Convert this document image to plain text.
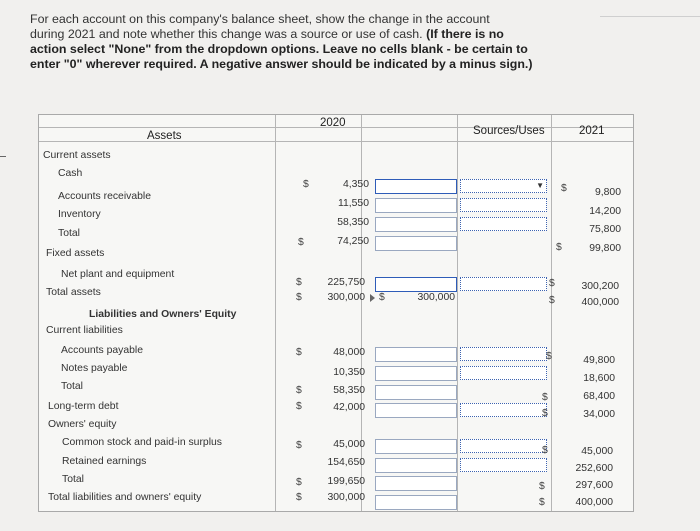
For each account on this company's balance sheet, show the change in the account
during 2021 and note whether this change was a source or use of cash. (If there is no
action select "None" from the dropdown options. Leave no cells blank - be certain to
enter "0" wherever required. A negative answer should be indicated by a minus sign.)
2020
Sources/Uses	2021
Assets
Current assets
Cash
Accounts receivable
Inventory
Total
Fixed assets
Net plant and equipment
Total assets
Liabilities and Owners' Equity
Current liabilities
Accounts payable
Notes payable
Total
Long-term debt
Owners' equity
Common stock and paid-in surplus
Retained earnings
Total
Total liabilities and owners' equity
$
$
$
$
$
$
$
$
$
$
4,350
11,550
58,350
74,250
225,750
300,000
48,000
10,350
58,350
42,000
45,000
154,650
199,650
300,000
$	300,000
▼ $
$
$
$
$
$
$
$
$
$
9,800
14,200
75,800
99,800
300,200
400,000
49,800
18,600
68,400
34,000
45,000
252,600
297,600
400,000
